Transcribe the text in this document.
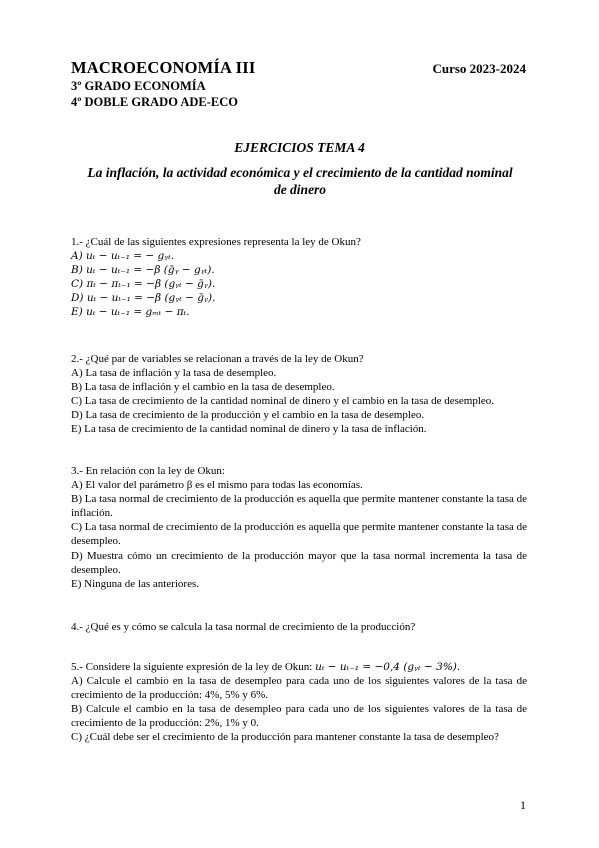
MACROECONOMÍA III	Curso 2023-2024
3º GRADO ECONOMÍA
4º DOBLE GRADO ADE-ECO
EJERCICIOS TEMA 4
La inflación, la actividad económica y el crecimiento de la cantidad nominal de dinero

1.- ¿Cuál de las siguientes expresiones representa la ley de Okun?

A) uₜ − uₜ₋₁ = − gᵧₜ.

B) uₜ − uₜ₋₁ = −β (ḡᵧ − gᵧₜ).

C) πₜ − πₜ₋₁ = −β (gᵧₜ − ḡᵧ).

D) uₜ − uₜ₋₁ = −β (gᵧₜ − ḡᵧ).

E) uₜ − uₜ₋₁ = gₘₜ − πₜ.

2.- ¿Qué par de variables se relacionan a través de la ley de Okun?

A) La tasa de inflación y la tasa de desempleo.

B) La tasa de inflación y el cambio en la tasa de desempleo.

C) La tasa de crecimiento de la cantidad nominal de dinero y el cambio en la tasa de desempleo.

D) La tasa de crecimiento de la producción y el cambio en la tasa de desempleo.

E) La tasa de crecimiento de la cantidad nominal de dinero y la tasa de inflación.

3.- En relación con la ley de Okun:

A) El valor del parámetro β es el mismo para todas las economías.

B) La tasa normal de crecimiento de la producción es aquella que permite mantener constante la tasa de inflación.

C) La tasa normal de crecimiento de la producción es aquella que permite mantener constante la tasa de desempleo.

D) Muestra cómo un crecimiento de la producción mayor que la tasa normal incrementa la tasa de desempleo.

E) Ninguna de las anteriores.

4.- ¿Qué es y cómo se calcula la tasa normal de crecimiento de la producción?

5.- Considere la siguiente expresión de la ley de Okun: uₜ − uₜ₋₁ = −0,4 (gᵧₜ − 3%).

A) Calcule el cambio en la tasa de desempleo para cada uno de los siguientes valores de la tasa de crecimiento de la producción: 4%, 5% y 6%.

B) Calcule el cambio en la tasa de desempleo para cada uno de los siguientes valores de la tasa de crecimiento de la producción: 2%, 1% y 0.

C) ¿Cuál debe ser el crecimiento de la producción para mantener constante la tasa de desempleo?

1
